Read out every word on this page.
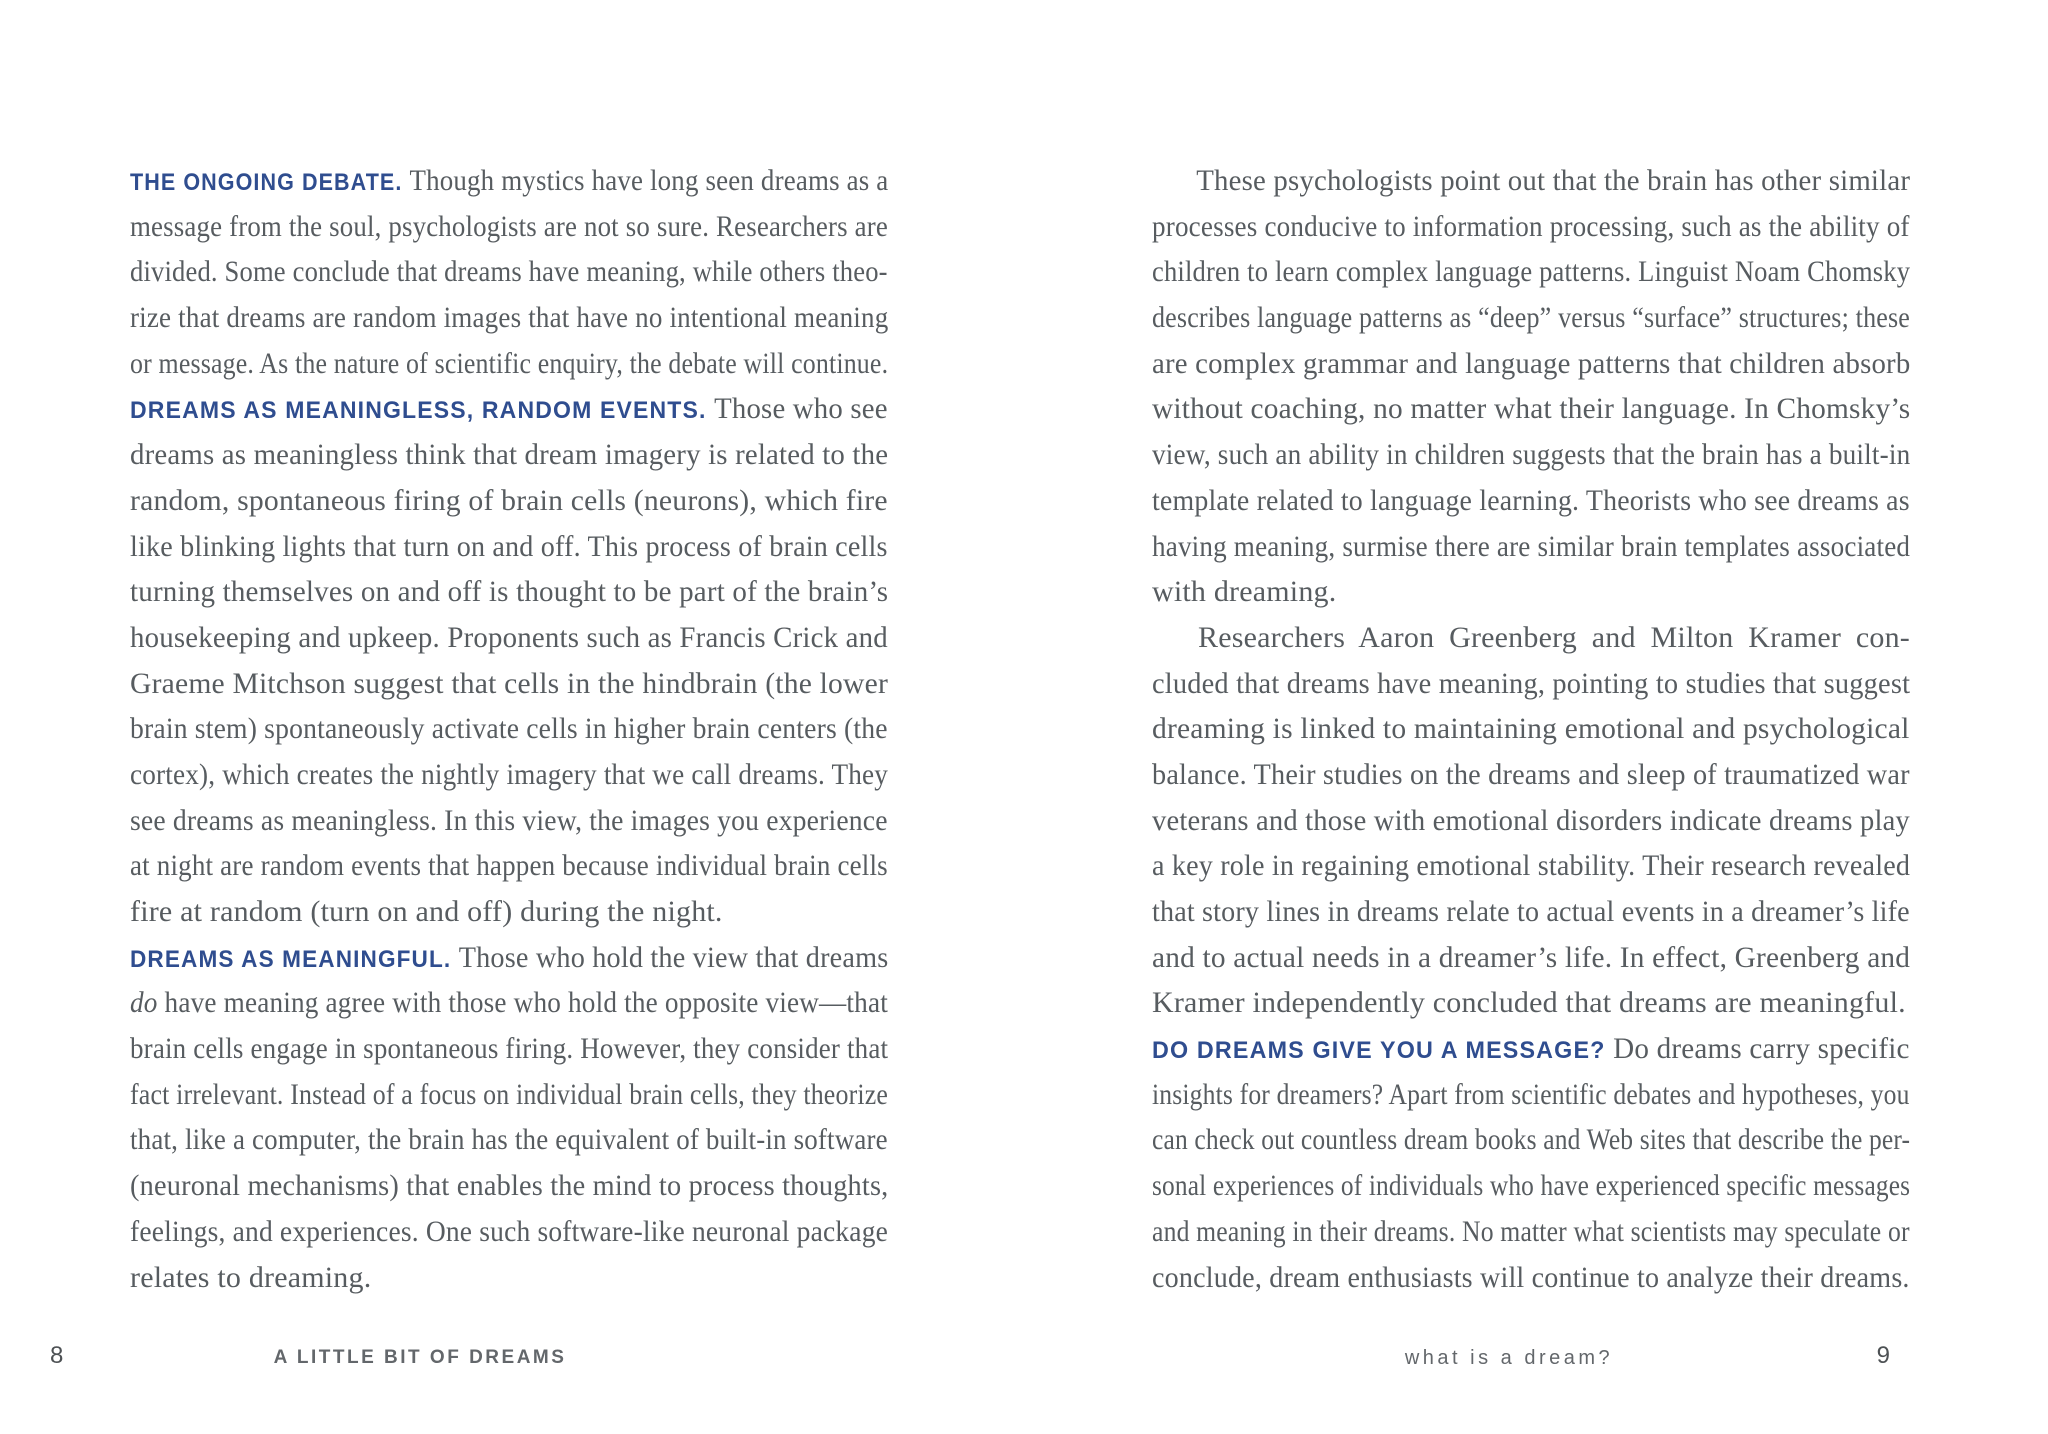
THE ONGOING DEBATE. Though mystics have long seen dreams as a
message from the soul, psychologists are not so sure. Researchers are
divided. Some conclude that dreams have meaning, while others theo-
rize that dreams are random images that have no intentional meaning
or message. As the nature of scientific enquiry, the debate will continue.
DREAMS AS MEANINGLESS, RANDOM EVENTS. Those who see
dreams as meaningless think that dream imagery is related to the
random, spontaneous firing of brain cells (neurons), which fire
like blinking lights that turn on and off. This process of brain cells
turning themselves on and off is thought to be part of the brain’s
housekeeping and upkeep. Proponents such as Francis Crick and
Graeme Mitchson suggest that cells in the hindbrain (the lower
brain stem) spontaneously activate cells in higher brain centers (the
cortex), which creates the nightly imagery that we call dreams. They
see dreams as meaningless. In this view, the images you experience
at night are random events that happen because individual brain cells
fire at random (turn on and off) during the night.
DREAMS AS MEANINGFUL. Those who hold the view that dreams
do have meaning agree with those who hold the opposite view—that
brain cells engage in spontaneous firing. However, they consider that
fact irrelevant. Instead of a focus on individual brain cells, they theorize
that, like a computer, the brain has the equivalent of built-in software
(neuronal mechanisms) that enables the mind to process thoughts,
feelings, and experiences. One such software-like neuronal package
relates to dreaming.
These psychologists point out that the brain has other similar
processes conducive to information processing, such as the ability of
children to learn complex language patterns. Linguist Noam Chomsky
describes language patterns as “deep” versus “surface” structures; these
are complex grammar and language patterns that children absorb
without coaching, no matter what their language. In Chomsky’s
view, such an ability in children suggests that the brain has a built-in
template related to language learning. Theorists who see dreams as
having meaning, surmise there are similar brain templates associated
with dreaming.
Researchers Aaron Greenberg and Milton Kramer con-
cluded that dreams have meaning, pointing to studies that suggest
dreaming is linked to maintaining emotional and psychological
balance. Their studies on the dreams and sleep of traumatized war
veterans and those with emotional disorders indicate dreams play
a key role in regaining emotional stability. Their research revealed
that story lines in dreams relate to actual events in a dreamer’s life
and to actual needs in a dreamer’s life. In effect, Greenberg and
Kramer independently concluded that dreams are meaningful.
DO DREAMS GIVE YOU A MESSAGE? Do dreams carry specific
insights for dreamers? Apart from scientific debates and hypotheses, you
can check out countless dream books and Web sites that describe the per-
sonal experiences of individuals who have experienced specific messages
and meaning in their dreams. No matter what scientists may speculate or
conclude, dream enthusiasts will continue to analyze their dreams.
8	A LITTLE BIT OF DREAMS	what is a dream?	9
